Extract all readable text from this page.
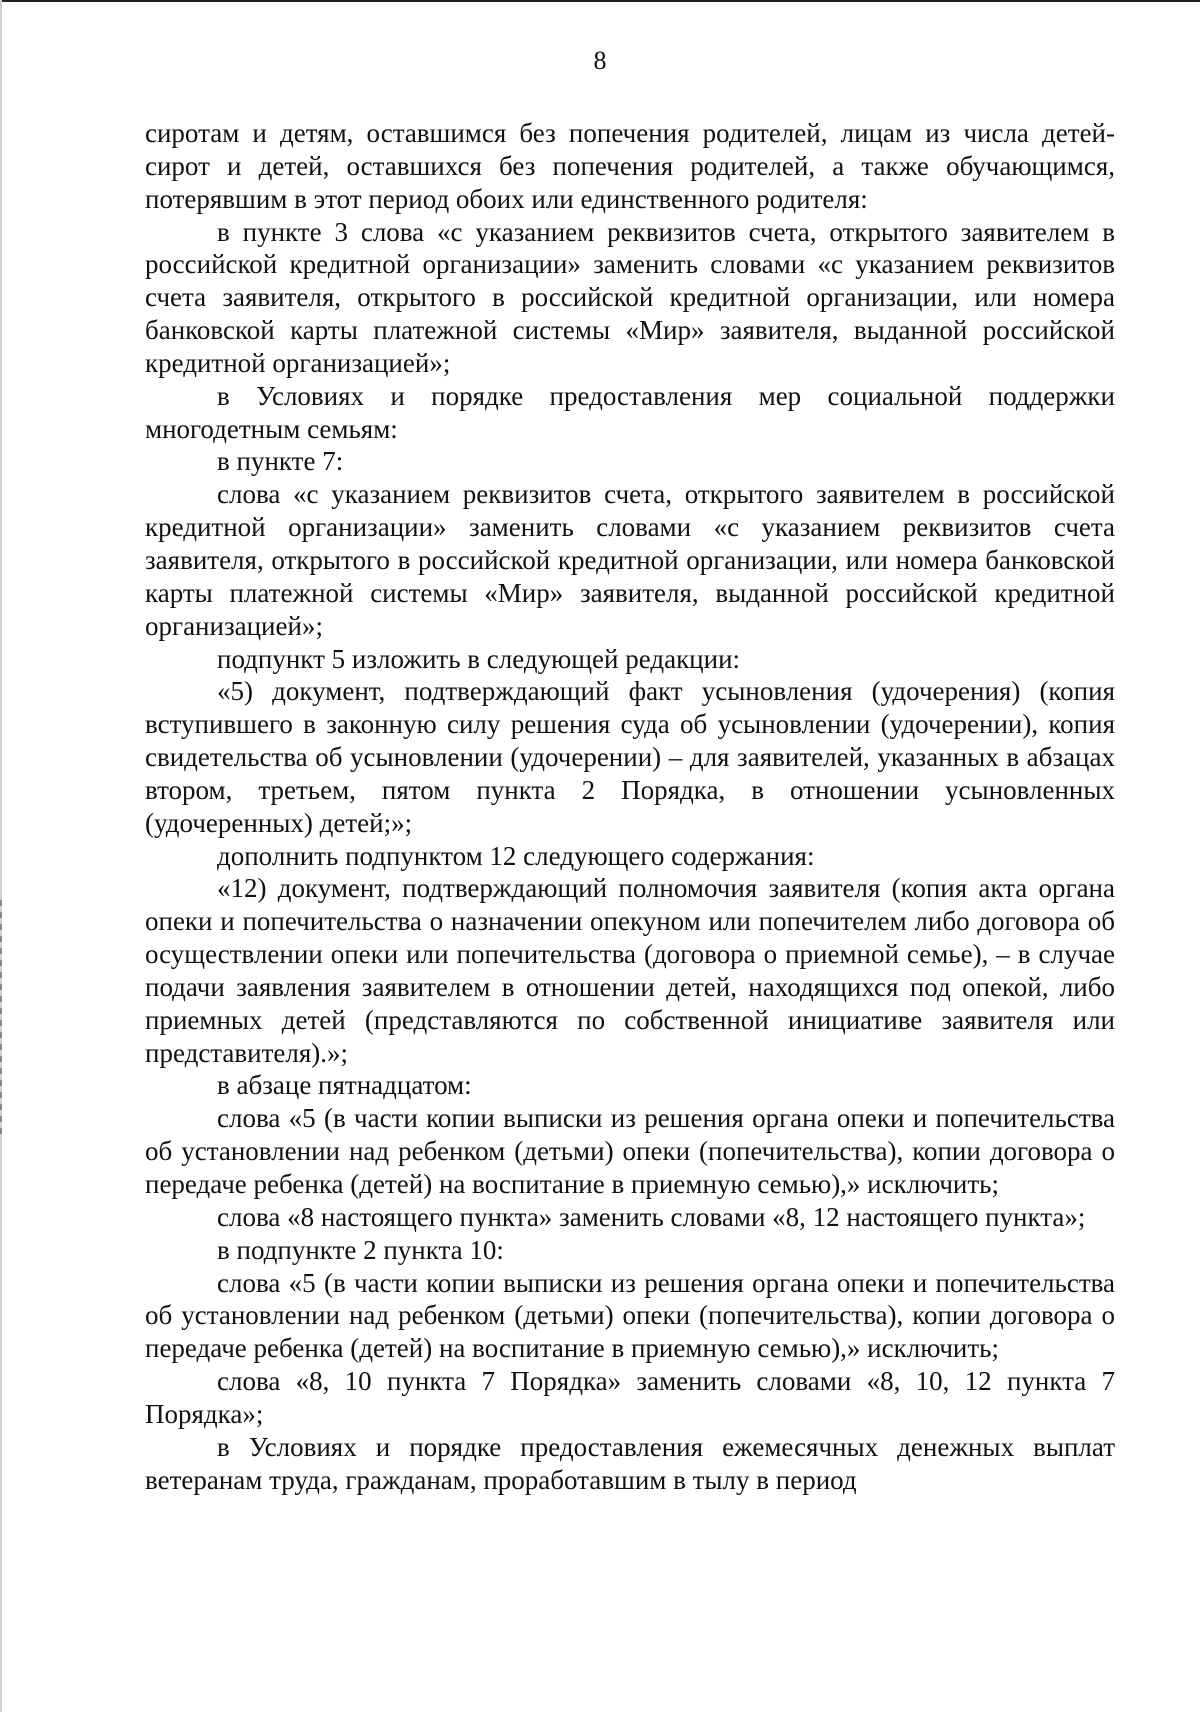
8

сиротам и детям, оставшимся без попечения родителей, лицам из числа детей-сирот и детей, оставшихся без попечения родителей, а также обучающимся, потерявшим в этот период обоих или единственного родителя:

в пункте 3 слова «с указанием реквизитов счета, открытого заявителем в российской кредитной организации» заменить словами «с указанием реквизитов счета заявителя, открытого в российской кредитной организации, или номера банковской карты платежной системы «Мир» заявителя, выданной российской кредитной организацией»;

в Условиях и порядке предоставления мер социальной поддержки многодетным семьям:

в пункте 7:

слова «с указанием реквизитов счета, открытого заявителем в российской кредитной организации» заменить словами «с указанием реквизитов счета заявителя, открытого в российской кредитной организации, или номера банковской карты платежной системы «Мир» заявителя, выданной российской кредитной организацией»;

подпункт 5 изложить в следующей редакции:

«5) документ, подтверждающий факт усыновления (удочерения) (копия вступившего в законную силу решения суда об усыновлении (удочерении), копия свидетельства об усыновлении (удочерении) – для заявителей, указанных в абзацах втором, третьем, пятом пункта 2 Порядка, в отношении усыновленных (удочеренных) детей;»;

дополнить подпунктом 12 следующего содержания:

«12) документ, подтверждающий полномочия заявителя (копия акта органа опеки и попечительства о назначении опекуном или попечителем либо договора об осуществлении опеки или попечительства (договора о приемной семье), – в случае подачи заявления заявителем в отношении детей, находящихся под опекой, либо приемных детей (представляются по собственной инициативе заявителя или представителя).»;

в абзаце пятнадцатом:

слова «5 (в части копии выписки из решения органа опеки и попечительства об установлении над ребенком (детьми) опеки (попечительства), копии договора о передаче ребенка (детей) на воспитание в приемную семью),» исключить;

слова «8 настоящего пункта» заменить словами «8, 12 настоящего пункта»;

в подпункте 2 пункта 10:

слова «5 (в части копии выписки из решения органа опеки и попечительства об установлении над ребенком (детьми) опеки (попечительства), копии договора о передаче ребенка (детей) на воспитание в приемную семью),» исключить;

слова «8, 10 пункта 7 Порядка» заменить словами «8, 10, 12 пункта 7 Порядка»;

в Условиях и порядке предоставления ежемесячных денежных выплат ветеранам труда, гражданам, проработавшим в тылу в период
